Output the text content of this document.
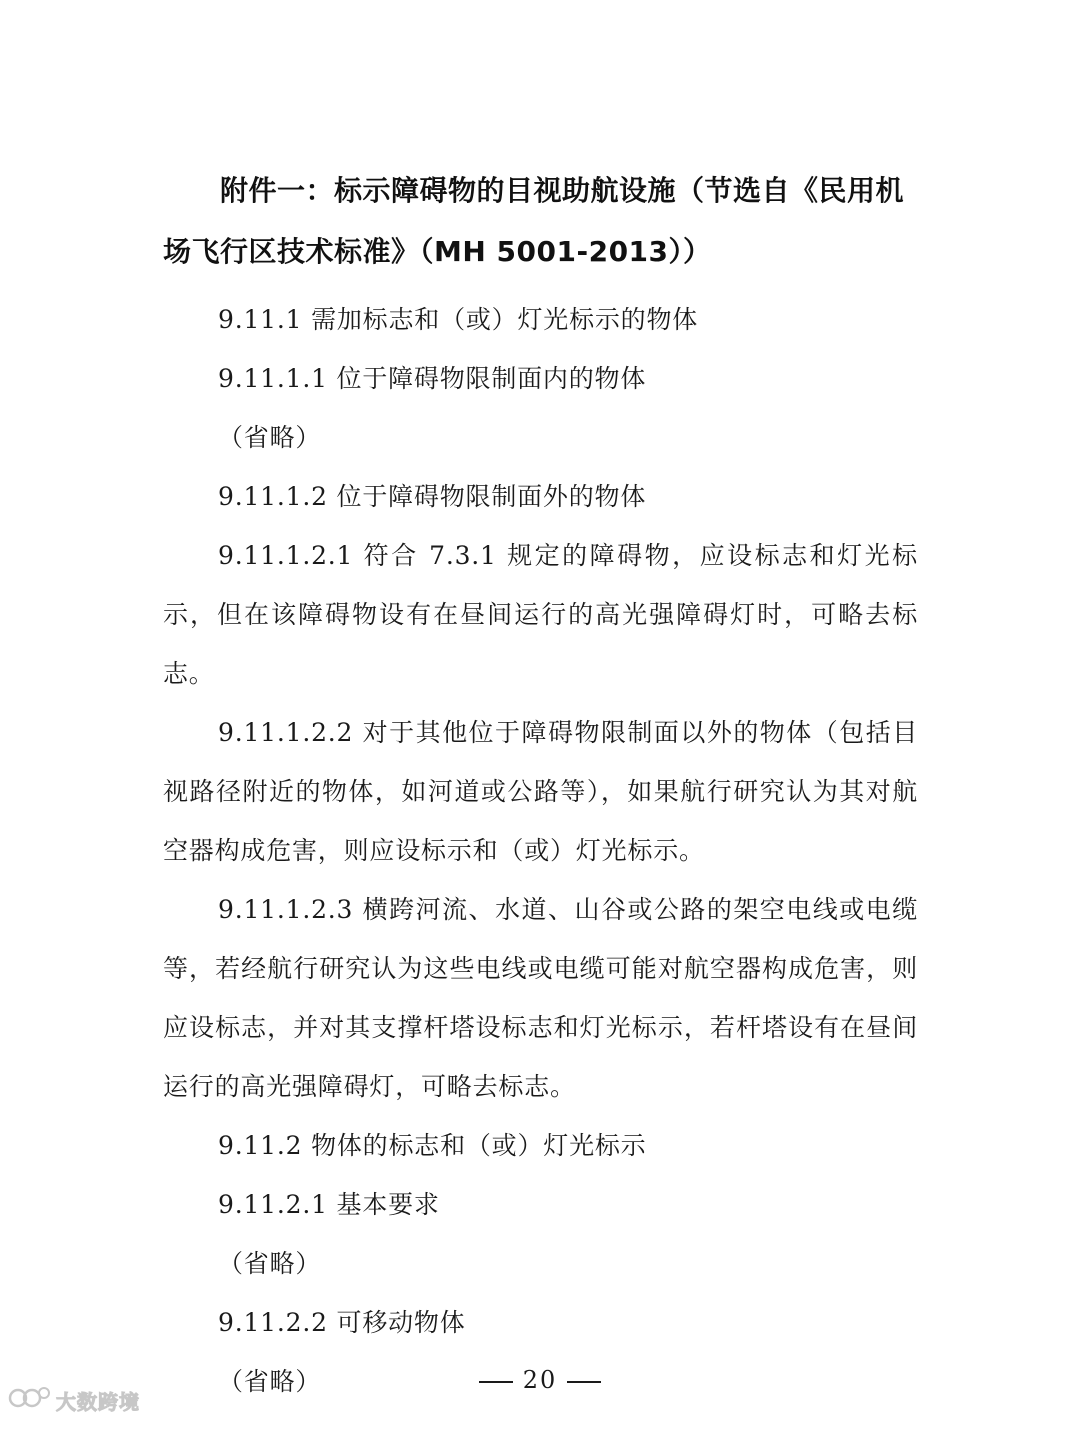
附件一：标示障碍物的目视助航设施（节选自《民用机场飞行区技术标准》（MH 5001-2013））

9.11.1 需加标志和（或）灯光标示的物体

9.11.1.1 位于障碍物限制面内的物体

（省略）

9.11.1.2 位于障碍物限制面外的物体

9.11.1.2.1 符合 7.3.1 规定的障碍物，应设标志和灯光标示，但在该障碍物设有在昼间运行的高光强障碍灯时，可略去标志。

9.11.1.2.2 对于其他位于障碍物限制面以外的物体（包括目视路径附近的物体，如河道或公路等），如果航行研究认为其对航空器构成危害，则应设标示和（或）灯光标示。

9.11.1.2.3 横跨河流、水道、山谷或公路的架空电线或电缆等，若经航行研究认为这些电线或电缆可能对航空器构成危害，则应设标志，并对其支撑杆塔设标志和灯光标示，若杆塔设有在昼间运行的高光强障碍灯，可略去标志。

9.11.2 物体的标志和（或）灯光标示

9.11.2.1 基本要求

（省略）

9.11.2.2 可移动物体

（省略）	20
大数跨境
